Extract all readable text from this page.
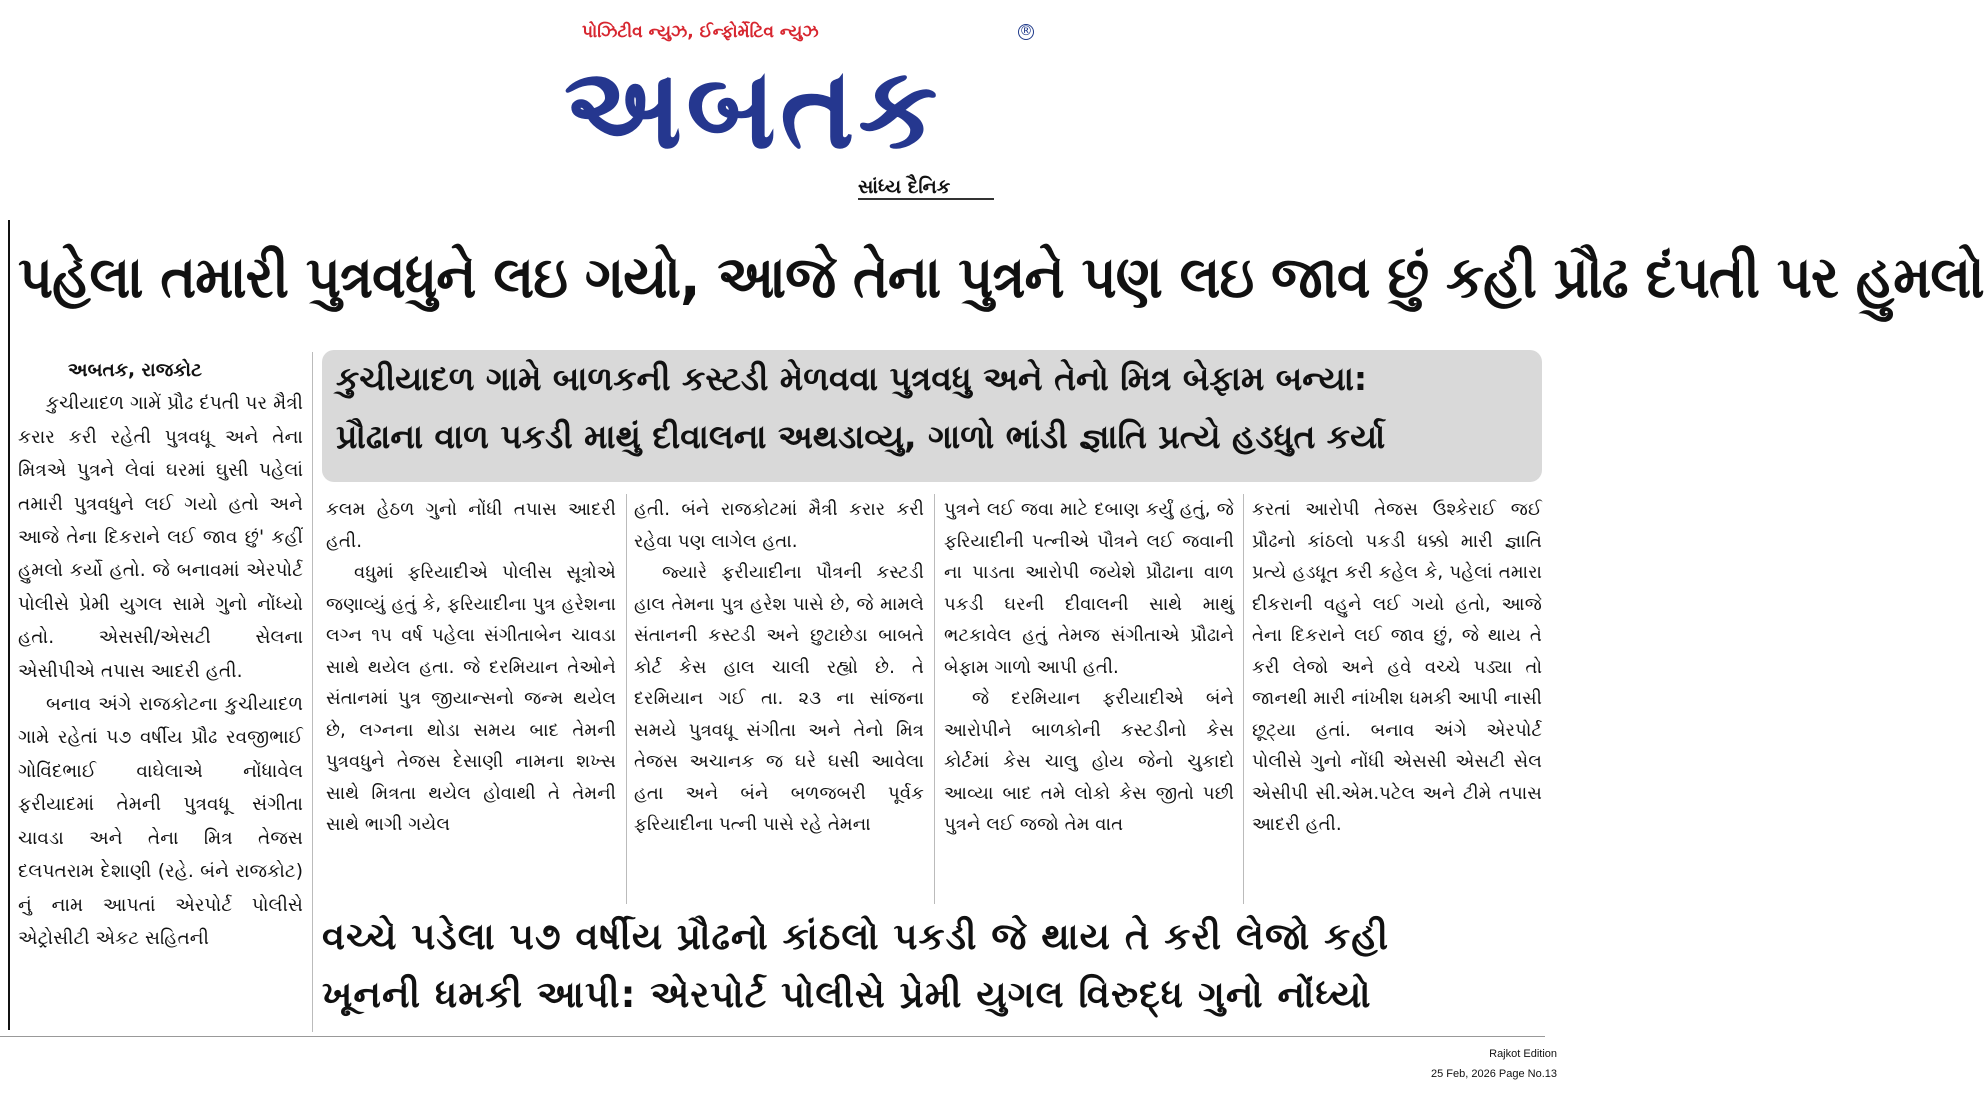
પોઝિટીવ ન્યુઝ, ઈન્ફોર્મેટિવ ન્યુઝ	®
અબતક
સાંધ્ય દૈનિક
પહેલા તમારી પુત્રવધુને લઇ ગયો, આજે તેના પુત્રને પણ લઇ જાવ છું કહી પ્રૌઢ દંપતી પર હુમલો
અબતક, રાજકોટ

કુચીયાદળ ગામેં પ્રૌઢ દંપતી પર મૈત્રી કરાર કરી રહેતી પુત્રવધૂ અને તેના મિત્રએ પુત્રને લેવાં ઘરમાં ઘુસી પહેલાં તમારી પુત્રવધુને લઈ ગયો હતો અને આજે તેના દિકરાને લઈ જાવ છું' કહીં હુમલો કર્યો હતો. જે બનાવમાં એરપોર્ટ પોલીસે પ્રેમી યુગલ સામે ગુનો નોંધ્યો હતો. એસસી/એસટી સેલના એસીપીએ તપાસ આદરી હતી.

બનાવ અંગે રાજકોટના કુચીયાદળ ગામે રહેતાં ૫૭ વર્ષીય પ્રૌઢ રવજીભાઈ ગોવિંદભાઈ વાઘેલાએ નોંધાવેલ ફરીયાદમાં તેમની પુત્રવધૂ સંગીતા ચાવડા અને તેના મિત્ર તેજસ દલપતરામ દેશાણી (રહે. બંને રાજકોટ) નું નામ આપતાં એરપોર્ટ પોલીસે એટ્રોસીટી એકટ સહિતની

કુચીયાદળ ગામે બાળકની કસ્ટડી મેળવવા પુત્રવધુ અને તેનો મિત્ર બેફામ બન્યા:
પ્રૌઢાના વાળ પકડી માથું દીવાલના અથડાવ્યુ, ગાળો ભાંડી જ્ઞાતિ પ્રત્યે હડધુત કર્યા

કલમ હેઠળ ગુનો નોંધી તપાસ આદરી હતી.

વધુમાં ફરિયાદીએ પોલીસ સૂત્રોએ જણાવ્યું હતું કે, ફરિયાદીના પુત્ર હરેશના લગ્ન ૧૫ વર્ષ પહેલા સંગીતાબેન ચાવડા સાથે થયેલ હતા. જે દરમિયાન તેઓને સંતાનમાં પુત્ર જીયાન્સનો જન્મ થયેલ છે, લગ્નના થોડા સમય બાદ તેમની પુત્રવધુને તેજસ દેસાણી નામના શખ્સ સાથે મિત્રતા થયેલ હોવાથી તે તેમની સાથે ભાગી ગયેલ

હતી. બંને રાજકોટમાં મૈત્રી કરાર કરી રહેવા પણ લાગેલ હતા.

જ્યારે ફરીયાદીના પૌત્રની કસ્ટડી હાલ તેમના પુત્ર હરેશ પાસે છે, જે મામલે સંતાનની કસ્ટડી અને છુટાછેડા બાબતે કોર્ટ કેસ હાલ ચાલી રહ્યો છે. તે દરમિયાન ગઈ તા. ૨૩ ના સાંજના સમયે પુત્રવધૂ સંગીતા અને તેનો મિત્ર તેજસ અચાનક જ ઘરે ઘસી આવેલા હતા અને બંને બળજબરી પૂર્વક ફરિયાદીના પત્ની પાસે રહે તેમના

પુત્રને લઈ જવા માટે દબાણ કર્યું હતું, જે ફરિયાદીની પત્નીએ પૌત્રને લઈ જવાની ના પાડતા આરોપી જયેશે પ્રૌઢાના વાળ પકડી ઘરની દીવાલની સાથે માથું ભટકાવેલ હતું તેમજ સંગીતાએ પ્રૌઢાને બેફામ ગાળો આપી હતી.

જે દરમિયાન ફરીયાદીએ બંને આરોપીને બાળકોની કસ્ટડીનો કેસ કોર્ટમાં કેસ ચાલુ હોય જેનો ચુકાદો આવ્યા બાદ તમે લોકો કેસ જીતો પછી પુત્રને લઈ જજો તેમ વાત

કરતાં આરોપી તેજસ ઉશ્કેરાઈ જઈ પ્રૌઢનો કાંઠલો પકડી ધક્કો મારી જ્ઞાતિ પ્રત્યે હડધૂત કરી કહેલ કે, પહેલાં તમારા દીકરાની વહુને લઈ ગયો હતો, આજે તેના દિકરાને લઈ જાવ છું, જે થાય તે કરી લેજો અને હવે વચ્ચે પડ્યા તો જાનથી મારી નાંખીશ ધમકી આપી નાસી છૂટ્યા હતાં. બનાવ અંગે એરપોર્ટ પોલીસે ગુનો નોંધી એસસી એસટી સેલ એસીપી સી.એમ.પટેલ અને ટીમે તપાસ આદરી હતી.

વચ્ચે પડેલા ૫૭ વર્ષીય પ્રૌઢનો કાંઠલો પકડી જે થાય તે કરી લેજો કહી
ખૂનની ધમકી આપી: એરપોર્ટ પોલીસે પ્રેમી યુગલ વિરુદ્ધ ગુનો નોંધ્યો
Rajkot Edition
25 Feb, 2026 Page No.13
